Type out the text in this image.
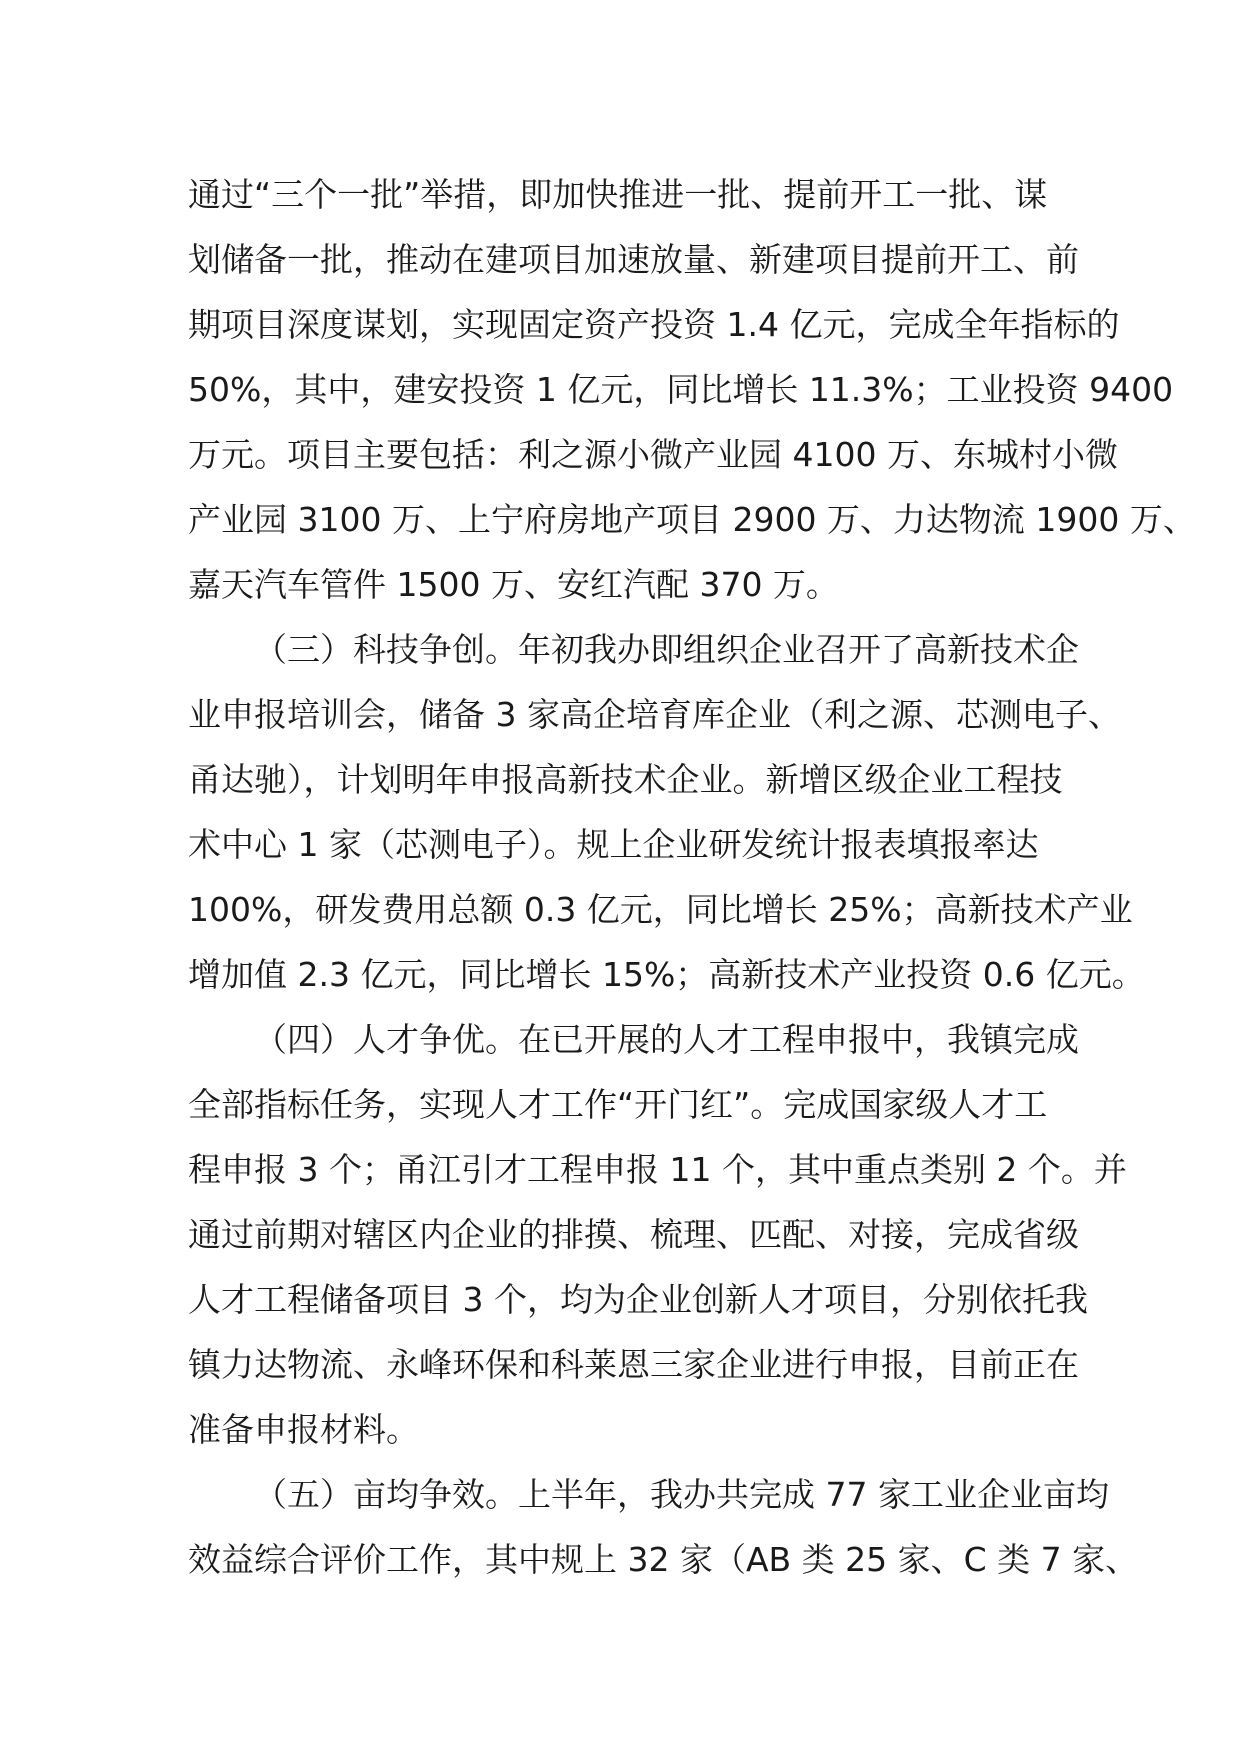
通过“三个一批”举措，即加快推进一批、提前开工一批、谋
划储备一批，推动在建项目加速放量、新建项目提前开工、前
期项目深度谋划，实现固定资产投资 1.4 亿元，完成全年指标的
50%，其中，建安投资 1 亿元，同比增长 11.3%；工业投资 9400
万元。项目主要包括：利之源小微产业园 4100 万、东城村小微
产业园 3100 万、上宁府房地产项目 2900 万、力达物流 1900 万、
嘉天汽车管件 1500 万、安红汽配 370 万。
（三）科技争创。年初我办即组织企业召开了高新技术企
业申报培训会，储备 3 家高企培育库企业（利之源、芯测电子、
甬达驰），计划明年申报高新技术企业。新增区级企业工程技
术中心 1 家（芯测电子）。规上企业研发统计报表填报率达
100%，研发费用总额 0.3 亿元，同比增长 25%；高新技术产业
增加值 2.3 亿元，同比增长 15%；高新技术产业投资 0.6 亿元。
（四）人才争优。在已开展的人才工程申报中，我镇完成
全部指标任务，实现人才工作“开门红”。完成国家级人才工
程申报 3 个；甬江引才工程申报 11 个，其中重点类别 2 个。并
通过前期对辖区内企业的排摸、梳理、匹配、对接，完成省级
人才工程储备项目 3 个，均为企业创新人才项目，分别依托我
镇力达物流、永峰环保和科莱恩三家企业进行申报，目前正在
准备申报材料。
（五）亩均争效。上半年，我办共完成 77 家工业企业亩均
效益综合评价工作，其中规上 32 家（AB 类 25 家、C 类 7 家、
